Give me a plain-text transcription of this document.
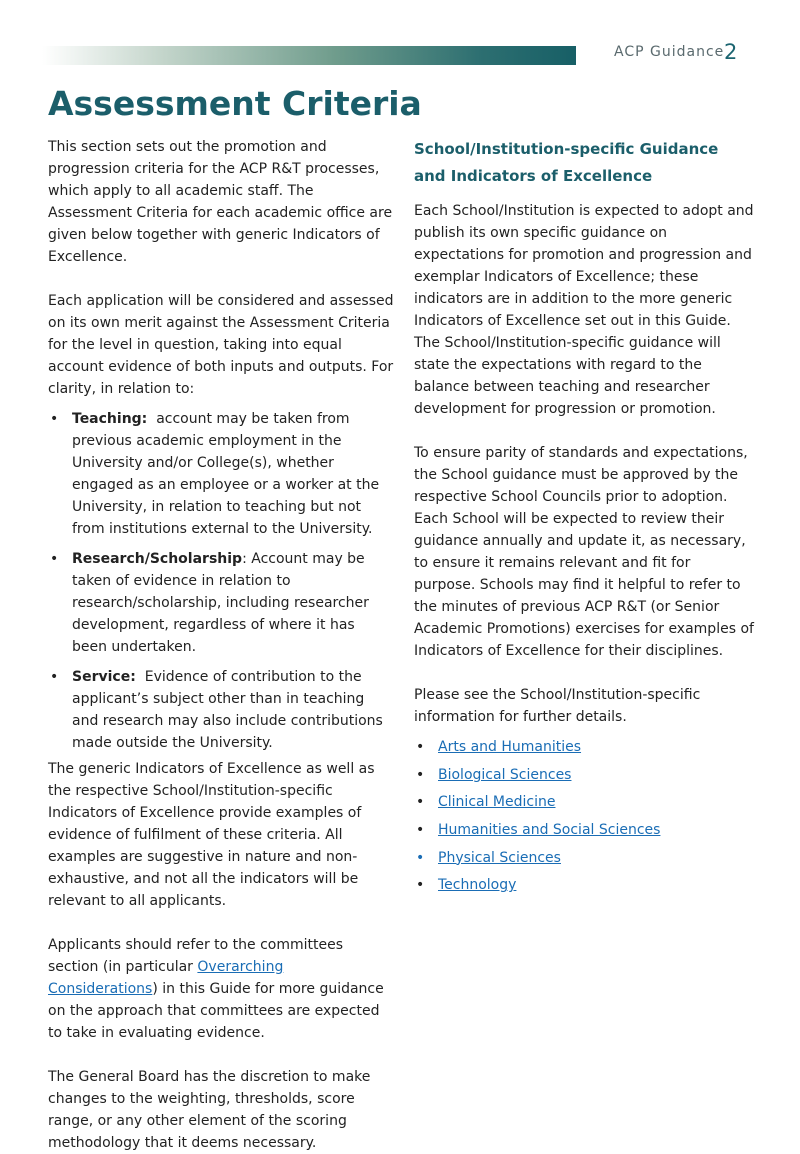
ACP Guidance 2
Assessment Criteria

This section sets out the promotion and progression criteria for the ACP R&T processes, which apply to all academic staff. The Assessment Criteria for each academic office are given below together with generic Indicators of Excellence.

Each application will be considered and assessed on its own merit against the Assessment Criteria for the level in question, taking into equal account evidence of both inputs and outputs. For clarity, in relation to:

• Teaching: account may be taken from previous academic employment in the University and/or College(s), whether engaged as an employee or a worker at the University, in relation to teaching but not from institutions external to the University.
• Research/Scholarship: Account may be taken of evidence in relation to research/scholarship, including researcher development, regardless of where it has been undertaken.
• Service: Evidence of contribution to the applicant’s subject other than in teaching and research may also include contributions made outside the University.

The generic Indicators of Excellence as well as the respective School/Institution-specific Indicators of Excellence provide examples of evidence of fulfilment of these criteria. All examples are suggestive in nature and non-exhaustive, and not all the indicators will be relevant to all applicants.

Applicants should refer to the committees section (in particular Overarching Considerations) in this Guide for more guidance on the approach that committees are expected to take in evaluating evidence.

The General Board has the discretion to make changes to the weighting, thresholds, score range, or any other element of the scoring methodology that it deems necessary.

School/Institution-specific Guidance and Indicators of Excellence

Each School/Institution is expected to adopt and publish its own specific guidance on expectations for promotion and progression and exemplar Indicators of Excellence; these indicators are in addition to the more generic Indicators of Excellence set out in this Guide. The School/Institution-specific guidance will state the expectations with regard to the balance between teaching and researcher development for progression or promotion.

To ensure parity of standards and expectations, the School guidance must be approved by the respective School Councils prior to adoption. Each School will be expected to review their guidance annually and update it, as necessary, to ensure it remains relevant and fit for purpose. Schools may find it helpful to refer to the minutes of previous ACP R&T (or Senior Academic Promotions) exercises for examples of Indicators of Excellence for their disciplines.

Please see the School/Institution-specific information for further details.

• Arts and Humanities
• Biological Sciences
• Clinical Medicine
• Humanities and Social Sciences
• Physical Sciences
• Technology
